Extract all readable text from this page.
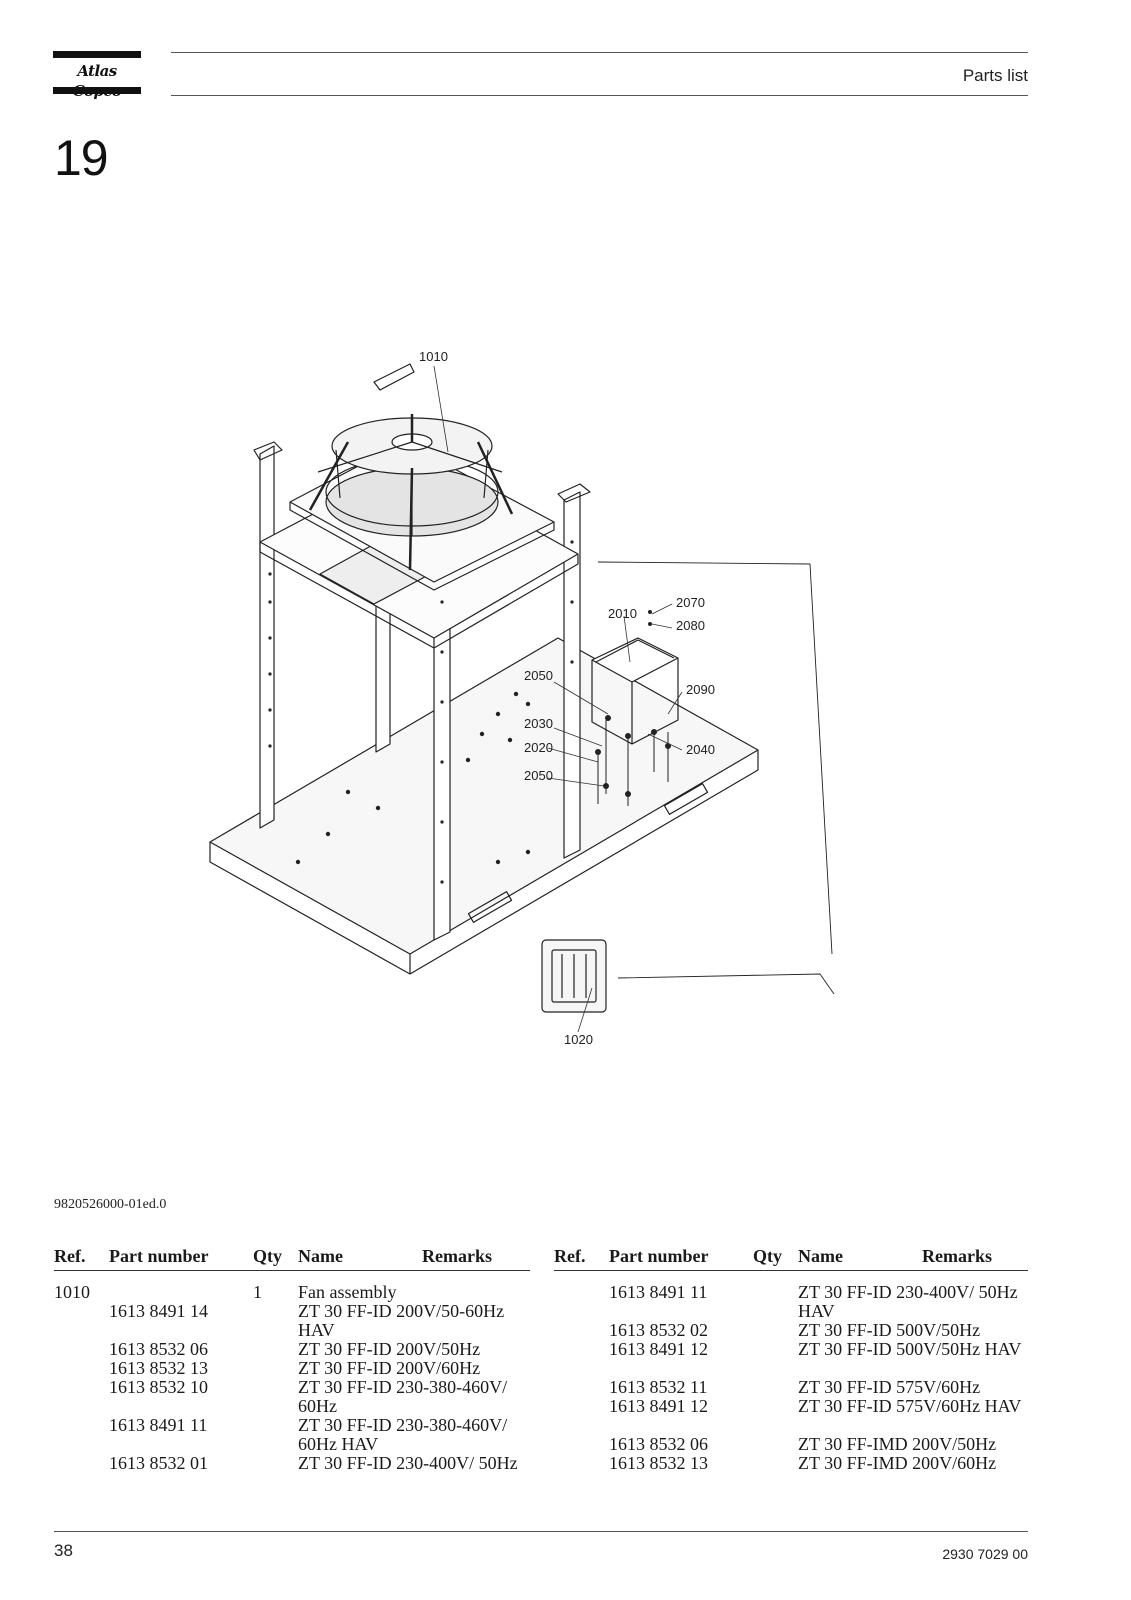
Atlas	Parts list
19
1010
2070
2010
2080
2050
2090
2030
2040
2020
2050
1020
9820526000-01ed.0
Ref. Part number Qty Name	Remarks
1010	1 Fan assembly
1613 8491 14	ZT 30 FF-ID 200V/50-60Hz HAV
1613 8532 06	ZT 30 FF-ID 200V/50Hz
1613 8532 13	ZT 30 FF-ID 200V/60Hz
1613 8532 10	ZT 30 FF-ID 230-380-460V/ 60Hz
1613 8491 11	ZT 30 FF-ID 230-380-460V/ 60Hz HAV
1613 8532 01	ZT 30 FF-ID 230-400V/ 50Hz
Ref. Part number Qty Name	Remarks
1613 8491 11	ZT 30 FF-ID 230-400V/ 50Hz HAV
1613 8532 02	ZT 30 FF-ID 500V/50Hz
1613 8491 12	ZT 30 FF-ID 500V/50Hz HAV
1613 8532 11	ZT 30 FF-ID 575V/60Hz
1613 8491 12	ZT 30 FF-ID 575V/60Hz HAV
1613 8532 06	ZT 30 FF-IMD 200V/50Hz
1613 8532 13	ZT 30 FF-IMD 200V/60Hz
38	2930 7029 00
